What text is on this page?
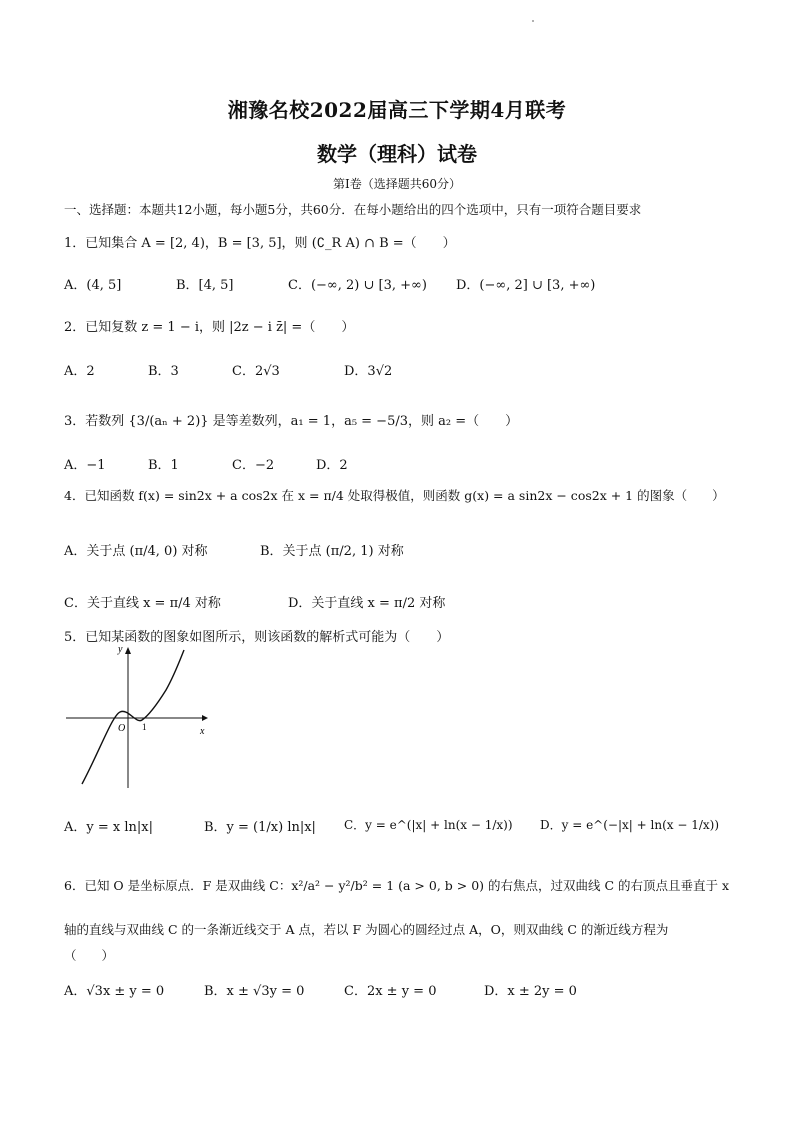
湘豫名校2022届高三下学期4月联考
数学（理科）试卷
第I卷（选择题共60分）
一、选择题：本题共12小题，每小题5分，共60分．在每小题给出的四个选项中，只有一项符合题目要求
1．已知集合 A = [2, 4)，B = [3, 5]，则 (∁_R A) ∩ B =（　　）
A．(4, 5]	B．[4, 5]	C．(−∞, 2) ∪ [3, +∞) D．(−∞, 2] ∪ [3, +∞)
2．已知复数 z = 1 − i，则 |2z − i z̄| =（　　）
A．2	B．3	C．2√3	D．3√2
3．若数列 {3/(aₙ + 2)} 是等差数列，a₁ = 1，a₅ = −5/3，则 a₂ =（　　）
A．−1	B．1	C．−2	D．2
4．已知函数 f(x) = sin2x + a cos2x 在 x = π/4 处取得极值，则函数 g(x) = a sin2x − cos2x + 1 的图象（　　）
A．关于点 (π/4, 0) 对称	B．关于点 (π/2, 1) 对称
C．关于直线 x = π/4 对称	D．关于直线 x = π/2 对称
5．已知某函数的图象如图所示，则该函数的解析式可能为（　　）
y
x
O 1
A．y = x ln|x|	B．y = (1/x) ln|x| C．y = e^(|x| + ln(x − 1/x)) D．y = e^(−|x| + ln(x − 1/x))
6．已知 O 是坐标原点．F 是双曲线 C：x²/a² − y²/b² = 1 (a > 0, b > 0) 的右焦点，过双曲线 C 的右顶点且垂直于 x
轴的直线与双曲线 C 的一条渐近线交于 A 点，若以 F 为圆心的圆经过点 A，O，则双曲线 C 的渐近线方程为
（　　）
A．√3x ± y = 0	B．x ± √3y = 0	C．2x ± y = 0	D．x ± 2y = 0
